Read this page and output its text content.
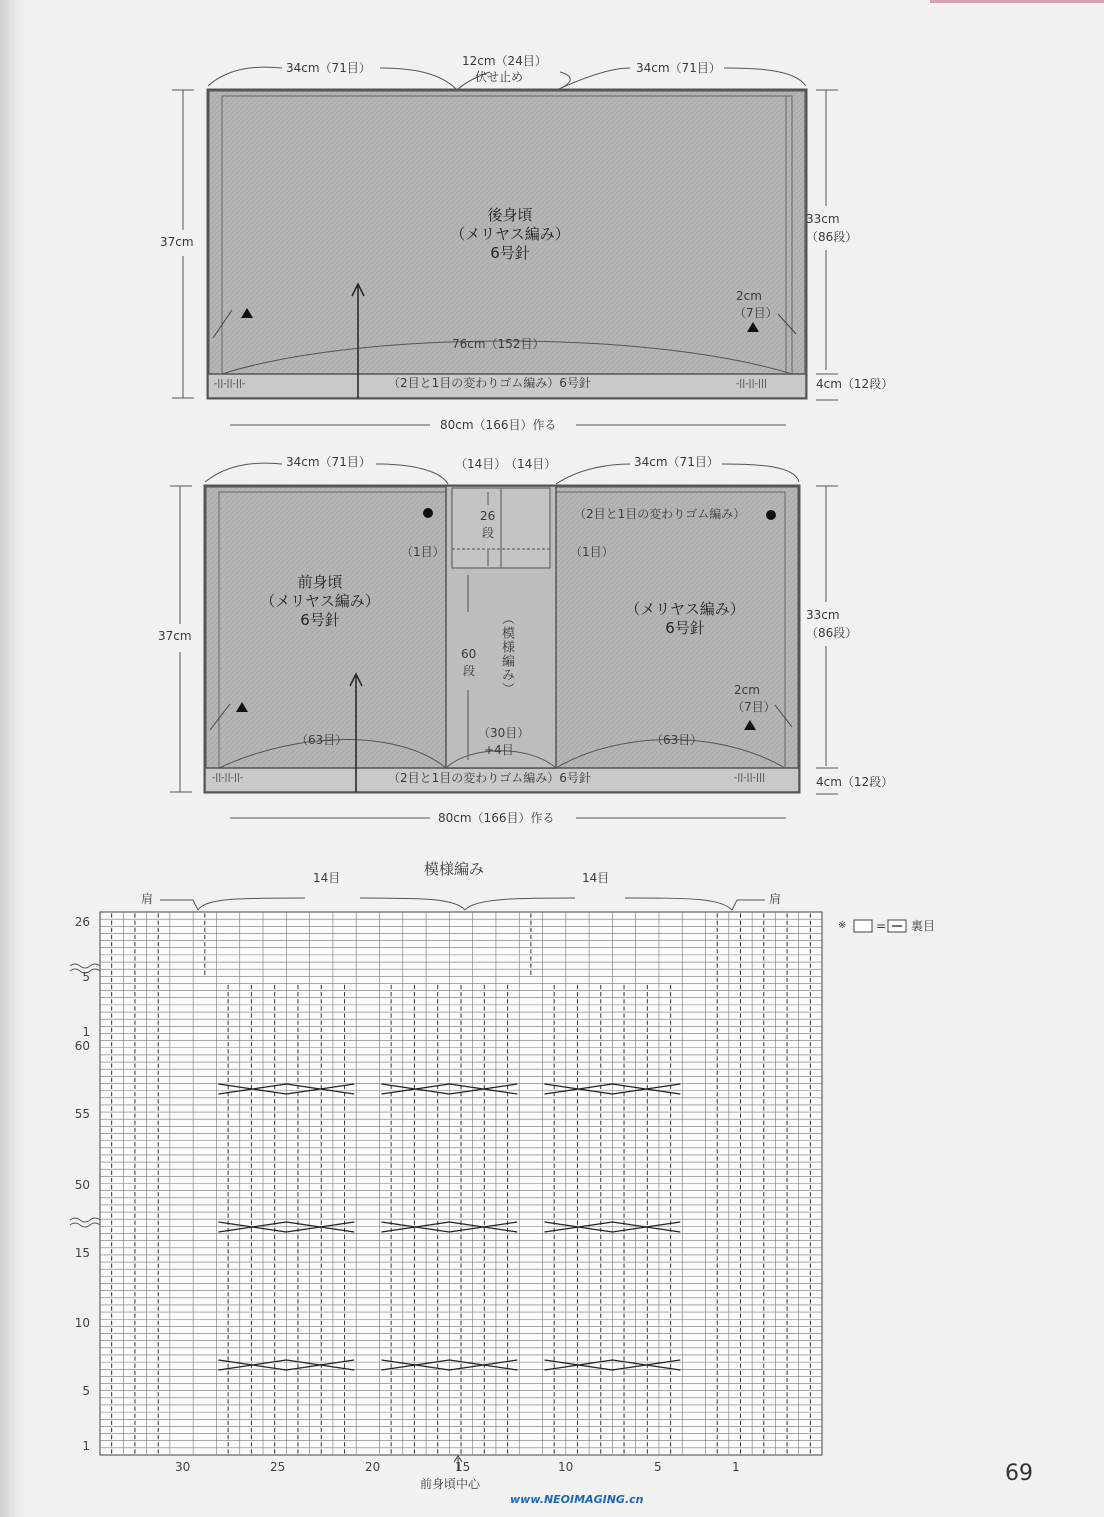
34cm（71目）	12cm（24目）
伏せ止め
34cm（71目）
後身頃
（メリヤス編み）
6号針
37cm
33cm
（86段）
2cm
（7目）
76cm（152目）
（2目と1目の変わりゴム編み）6号針
-||-||-||-	-||-||-|||	4cm（12段）
80cm（166目）作る
34cm（71目）	（14目）
（14目）	34cm（71目）
（2目と1目の変わりゴム編み）
26
段
（1目）	（1目）
前身頃
（メリヤス編み）
6号針
（メリヤス編み）
6号針
（模様編み）
60
段
（30目）
+4目
（63目）	（63目）
37cm
33cm
（86段）
2cm
（7目）
（2目と1目の変わりゴム編み）6号針
-||-||-||-	-||-||-|||	4cm（12段）
80cm（166目）作る
模様編み
14目	14目
肩	肩
※ = 裏目
26
5
1
60
55
50
15
10
5
1
30	25	20	15	10	5	1
前身頃中心	69
www.NEOIMAGING.cn
